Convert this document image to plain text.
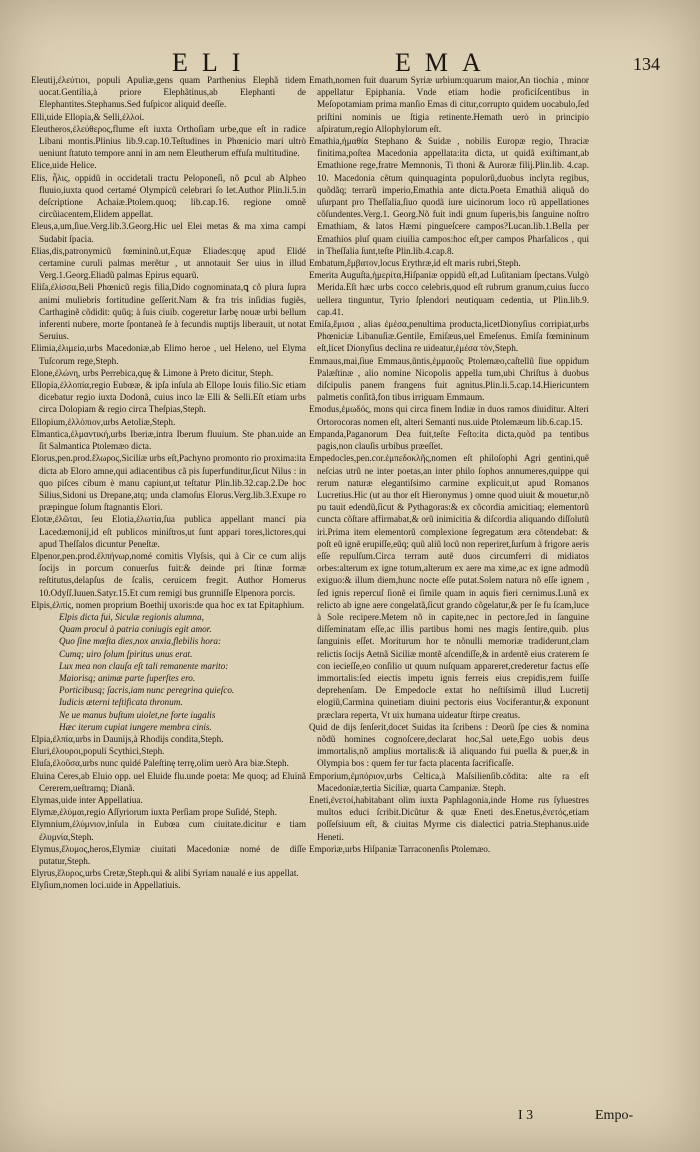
ELI	EMA	134

Eleutij,ἐλεύτιοι, populi Apuliæ,gens quam Parthenius Elephã tidem uocat.Gentilia,à priore Elephãtinus,ab Elephanti de Elephantites.Stephanus.Sed fuſpicor aliquid deeſſe.

Elli,uide Ellopia,& Selli,ἑλλοί.

Eleutheros,ἐλεύθερος,flume eſt iuxta Orthoſiam urbe,que eſt in radice Libani montis.Plinius lib.9.cap.10.Teſtudines in Phœnicio mari ultrò ueniunt ſtatuto tempore anni in am nem Eleutherum effuſa multitudine.

Elice,uide Helice.

Elis, ἦλις, oppidũ in occidetali tractu Peloponeſi, nõ ꝑcul ab Alpheo fluuio,iuxta quod certamé Olympicũ celebrari ſo let.Author Plin.li.5.in deſcriptione Achaiæ.Ptolem.quoq; lib.cap.16. regione omnẽ circũiacentem,Elidem appellat.

Eleus,a,um,ſiue.Verg.lib.3.Georg.Hic uel Elei metas & ma xima campi Sudabit ſpacia.

Elias,dis,patronymicũ fœmininũ.ut,Equæ Eliades:quę apud Elidé certamine curuli palmas merẽtur , ut annotauit Ser uius in illud Verg.1.Georg.Eliadũ palmas Epirus equarũ.

Eliſa,ἐλίσσα,Beli Phœnicũ regis filia,Dido cognominata,ꝗ cõ plura ſupra animi muliebris fortitudine geſſerit.Nam & fra tris inſidias fugiẽs, Carthaginẽ cõdidit: quũq; à ſuis ciuib. cogeretur Iarbę nouæ urbi bellum inferenti nubere, morte ſpontaneà ſe à fecundis nuptijs liberauit, ut notat Seruius.

Elimia,ἐλιμεία,urbs Macedoniæ,ab Elimo heroe , uel Heleno, uel Elyma Tuſcorum rege,Steph.

Elone,ἐλώνη, urbs Perrebica,quę & Limone à Preto dicitur, Steph.

Ellopia,ἐλλοπία,regio Eubœæ, & ipſa inſula ab Ellope Iouis filio.Sic etiam dicebatur regio iuxta Dodonã, cuius inco læ Elli & Selli.Eſt etiam urbs circa Dolopiam & regio circa Theſpias,Steph.

Ellopium,ἐλλόπιον,urbs Aetoliæ,Steph.

Elmantica,ἐλμαντική,urbs Iberiæ,intra Iberum fluuium. Ste phan.uide an ſit Salmantica Ptolemæo dicta.

Elorus,pen.prod.ἔλωρος,Siciliæ urbs eſt,Pachyno promonto rio proxima:ita dicta ab Eloro amne,qui adiacentibus cã pis ſuperfunditur,ſicut Nilus : in quo piſces cibum è manu capiunt,ut teſtatur Plin.lib.32.cap.2.De hoc Silius,Sidoni us Drepane,atq; unda clamoſus Elorus.Verg.lib.3.Exupe ro præpingue ſolum ſtagnantis Elori.

Elotæ,ἐλῶται, ſeu Elotia,ἐλωτία,ſua publica appellant mancí pia Lacedæmonij,id eſt publicos miniſtros,ut ſunt appari tores,lictores,qui apud Theſſalos dicuntur Peneſtæ.

Elpenor,pen.prod.ἐλπήνωρ,nomé comitis Vlyſsis, qui à Cir ce cum alijs ſocijs in porcum conuerſus fuit:& deinde pri ſtinæ formæ reſtitutus,delapſus de ſcalis, ceruicem fregit. Author Homerus 10.Odyſſ.Iuuen.Satyr.15.Et cum remigi bus grunniſſe Elpenora porcis.

Elpis,ἐλπίς, nomen proprium Boethij uxoris:de qua hoc ex tat Epitaphium.

Elpis dicta fui, Siculæ regionis alumna,

Quam procul à patria coniugis egit amor.

Quo ſine mœſta dies,nox anxia,flebilis hora:

Cumq; uiro ſolum ſpiritus unus erat.

Lux mea non clauſa eſt tali remanente marito:

Maiorisq; animæ parte ſuperſtes ero.

Porticibusq; ſacris,iam nunc peregrina quieſco.

Iudicis æterni teſtificata thronum.

Ne ue manus buſtum uiolet,ne forte iugalis

Hæc iterum cupiat iungere membra cinis.

Elpia,ἐλπία,urbs in Daunijs,à Rhodijs condita,Steph.

Eluri,ἐλουροι,populi Scythici,Steph.

Eluſa,ἐλοῦσα,urbs nunc quidé Paleſtinę terrę,olim uerò Ara biæ.Steph.

Eluina Ceres,ab Eluio opp. uel Eluide flu.unde poeta: Me quoq; ad Eluinã Cererem,ueſtramq; Dianã.

Elymas,uide inter Appellatiua.

Elymæ,ἐλύμαι,regio Aſſyriorum iuxta Perſiam prope Suſidé, Steph.

Elymnium,ἐλύμνιον,inſula in Eubœa cum ciuitate.dicitur e tiam ἐλυμνία,Steph.

Elymus,ἔλυμος,heros,Elymiæ ciuitati Macedoniæ nomé de diſſe putatur,Steph.

Elyrus,ἔλυρος,urbs Cretæ,Steph.qui & alibi Syriam naualé e ius appellat.

Elyſium,nomen loci.uide in Appellatiuis.

Emath,nomen fuit duarum Syriæ urbium:quarum maior,An tiochia , minor appellatur Epiphania. Vnde etiam hodie proficiſcentibus in Meſopotamiam prima manſio Emas di citur,corrupto quidem uocabulo,ſed priſtini nominis ue ſtigia retinente.Hemath uerò in principio aſpiratum,regio Allophylorum eſt.

Emathia,ἠμαθία Stephano & Suidæ , nobilis Europæ regio, Thraciæ finitima,poſtea Macedonia appellata:ita dicta, ut quidã exiſtimant,ab Emathione rege,fratre Memnonis, Ti thoni & Auroræ filij.Plin.lib. 4.cap. 10. Macedonia cẽtum quinquaginta populorũ,duobus inclyta regibus, quõdãq; terrarũ imperio,Emathia ante dicta.Poeta Emathiã aliquã do uſurpant pro Theſſalia,ſiuo quodã iure uicinorum loco rũ appellationes cõſundentes.Verg.1. Georg.Nõ fuit indi gnum ſuperis,bis ſanguine noſtro Emathiam, & latos Hæmi pingueſcere campos?Lucan.lib.1.Bella per Emathios pluſ quam ciuilia campos:hoc eſt,per campos Pharſalicos , qui in Theſſalia ſunt,teſte Plin.lib.4.cap.8.

Embatum,ἔμβατον,locus Erythræ,id eſt maris rubri,Steph.

Emerita Auguſta,ἠμερίτα,Hiſpaniæ oppidũ eſt,ad Luſitaniam ſpectans.Vulgò Merida.Eſt hæc urbs cocco celebris,quod eſt rubrum granum,cuius ſucco uellera tinguntur, Tyrio ſplendori neutiquam cedentia, ut Plin.lib.9. cap.41.

Emiſa,ἔμισα , alias ἐμέσα,penultima producta,licetDionyſius corripiat,urbs Phœniciæ Libanuſiæ.Gentile, Emiſæus,uel Emeſenus. Emiſa fœmininum eſt,licet Dionyſius declina re uideatur,ἐμέσα τὸν,Steph.

Emmaus,mai,ſiue Emmaus,ũntis,ἐμμαοῦς Ptolemæo,caſtellũ ſiue oppidum Palæſtinæ , alio nomine Nicopolis appella tum,ubi Chriſtus à duobus diſcipulis panem frangens fuit agnitus.Plin.li.5.cap.14.Hiericuntem palmetis conſitã,fon tibus irriguam Emmaum.

Emodus,ἐμωδός, mons qui circa finem Indiæ in duos ramos diuiditur. Alteri Ortorocoras nomen eſt, alteri Semanti nus.uide Ptolemæum lib.6.cap.15.

Empanda,Paganorum Dea fuit,teſte Feſto:ita dicta,quòd pa tentibus pagis,non clauſis urbibus præeſſet.

Empedocles,pen.cor.ἐμπεδοκλῆς,nomen eſt philoſophi Agri gentini,quẽ neſcias utrũ ne inter poetas,an inter philo ſophos annumeres,quippe qui rerum naturæ elegantiſsimo carmine explicuit,ut apud Romanos Lucretius.Hic (ut au thor eſt Hieronymus ) omne quod uiuit & mouetur,nõ pu tauit edendũ,ſicut & Pythagoras:& ex cõcordia amicitiaq; elementorũ cuncta cõſtare affirmabat,& orũ inimicitia & diſcordia aliquando diſſolutũ iri.Prima item elementorũ complexione ſegregatum æra cõtendebat: & poſt eũ ignẽ erupiſſe,eũq; quũ aliũ locũ non reperiret,ſurſum à frigore aeris eſſe repulſum.Circa terram autẽ duos circumferri di midiatos orbes:alterum ex igne totum,alterum ex aere ma xime,ac ex igne admodũ exiguo:& illum diem,hunc nocte eſſe putat.Solem natura nõ eſſe ignem , ſed ignis repercuſ ſionẽ ei ſimile quam in aquis fieri cernimus.Lunã ex relicto ab igne aere congelatã,ſicut grando cõgelatur,& per ſe fu ſcam,luce à Sole recipere.Metem nõ in capite,nec in pectore,ſed in ſanguine diſſeminatam eſſe,ac illis partibus homi nes magis ſentire,quib. plus ſanguinis eſſet. Moriturum hor te nõnulli memoriæ tradiderunt,clam relictis ſocijs Aetnã Siciliæ montẽ aſcendiſſe,& in ardentẽ eius craterem ſe con iecieſſe,eo conſilio ut quum nuſquam appareret,crederetur factus eſſe immortalis:ſed eiectis impetu ignis ferreis eius crepidis,rem fuiſſe deprehenſam. De Empedocle extat ho neſtiſsimũ illud Lucretij elogiũ,Carmina quinetiam diuini pectoris eius Vociferantur,& exponunt præclara reperta, Vt uix humana uideatur ſtirpe creatus.

Quid de dijs ſenſerit,docet Suidas ita ſcribens : Deorũ ſpe cies & nomina nõdũ homines cognoſcere,declarat hoc,Sal uete,Ego uobis deus immortalis,nõ amplius mortalis:& iã aliquando fui puella & puer,& in Olympia bos : quem fer tur facta placenta ſacrificaſſe.

Emporium,ἐμπόριον,urbs Celtica,à Maſsilienſib.cõdita: alte ra eſt Macedoniæ,tertia Siciliæ, quarta Campaniæ. Steph.

Eneti,ἐνετοί,habitabant olim iuxta Paphlagonia,inde Home rus ſyluestres multos educi ſcribit.Dicũtur & quæ Eneti des.Enetus,ἐνετός,etiam poſſeſsiuum eſt, & ciuitas Myrme cis dialectici patria.Stephanus.uide Heneti.

Emporiæ,urbs Hiſpaniæ Tarraconenſis Ptolemæo.

I 3	Empo-
